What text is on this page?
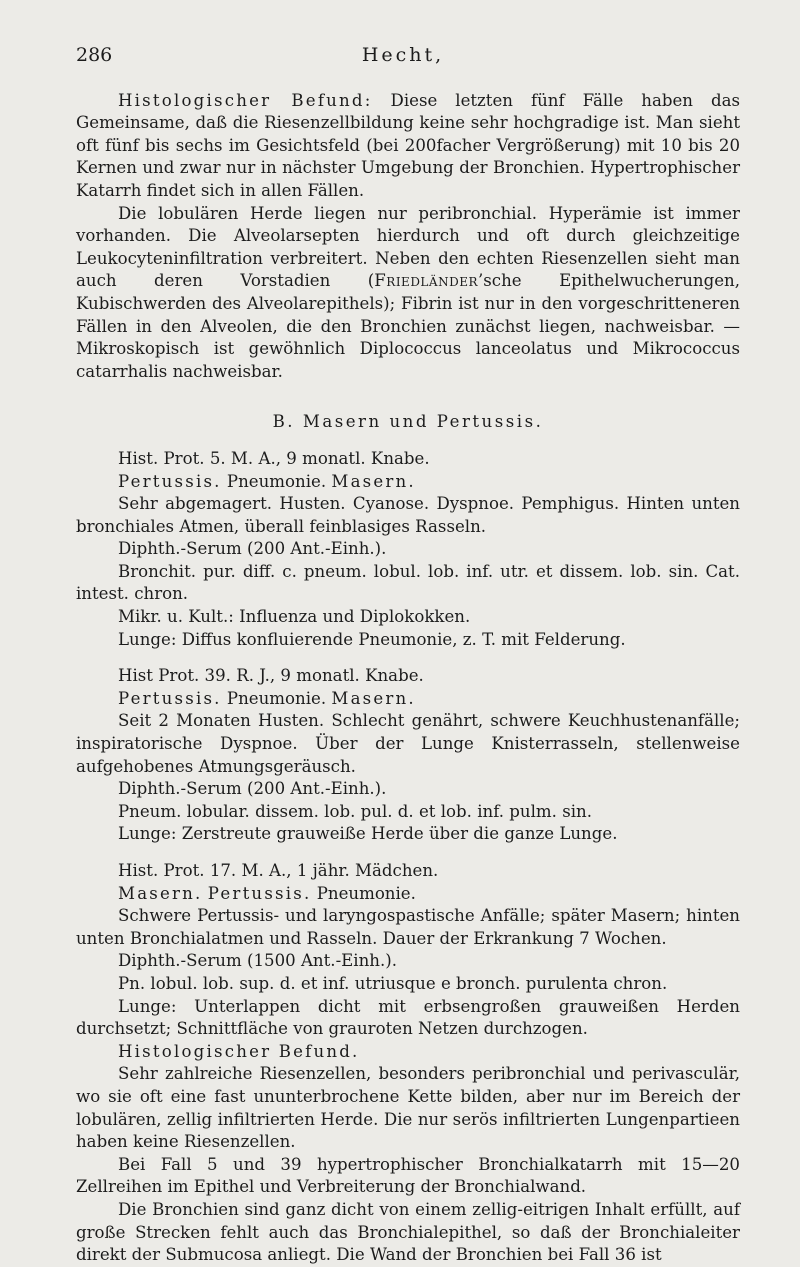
286	Hecht,

Histologischer Befund: Diese letzten fünf Fälle haben das Gemeinsame, daß die Riesenzellbildung keine sehr hochgradige ist. Man sieht oft fünf bis sechs im Gesichtsfeld (bei 200facher Vergrößerung) mit 10 bis 20 Kernen und zwar nur in nächster Umgebung der Bronchien. Hypertrophischer Katarrh findet sich in allen Fällen.

Die lobulären Herde liegen nur peribronchial. Hyperämie ist immer vorhanden. Die Alveolarsepten hierdurch und oft durch gleichzeitige Leukocyteninfiltration verbreitert. Neben den echten Riesenzellen sieht man auch deren Vorstadien (Friedländer’sche Epithelwucherungen, Kubischwerden des Alveolarepithels); Fibrin ist nur in den vorgeschritteneren Fällen in den Alveolen, die den Bronchien zunächst liegen, nachweisbar. — Mikroskopisch ist gewöhnlich Diplococcus lanceolatus und Mikrococcus catarrhalis nachweisbar.

B. Masern und Pertussis.
Hist. Prot. 5. M. A., 9 monatl. Knabe.
Pertussis. Pneumonie. Masern.

Sehr abgemagert. Husten. Cyanose. Dyspnoe. Pemphigus. Hinten unten bronchiales Atmen, überall feinblasiges Rasseln.

Diphth.-Serum (200 Ant.-Einh.).

Bronchit. pur. diff. c. pneum. lobul. lob. inf. utr. et dissem. lob. sin. Cat. intest. chron.

Mikr. u. Kult.: Influenza und Diplokokken.
Lunge: Diffus konfluierende Pneumonie, z. T. mit Felderung.
Hist Prot. 39. R. J., 9 monatl. Knabe.
Pertussis. Pneumonie. Masern.

Seit 2 Monaten Husten. Schlecht genährt, schwere Keuchhustenanfälle; inspiratorische Dyspnoe. Über der Lunge Knisterrasseln, stellenweise aufgehobenes Atmungsgeräusch.

Diphth.-Serum (200 Ant.-Einh.).
Pneum. lobular. dissem. lob. pul. d. et lob. inf. pulm. sin.
Lunge: Zerstreute grauweiße Herde über die ganze Lunge.
Hist. Prot. 17. M. A., 1 jähr. Mädchen.
Masern. Pertussis. Pneumonie.

Schwere Pertussis- und laryngospastische Anfälle; später Masern; hinten unten Bronchialatmen und Rasseln. Dauer der Erkrankung 7 Wochen.

Diphth.-Serum (1500 Ant.-Einh.).
Pn. lobul. lob. sup. d. et inf. utriusque e bronch. purulenta chron.

Lunge: Unterlappen dicht mit erbsengroßen grauweißen Herden durchsetzt; Schnittfläche von grauroten Netzen durchzogen.

Histologischer Befund.

Sehr zahlreiche Riesenzellen, besonders peribronchial und perivasculär, wo sie oft eine fast ununterbrochene Kette bilden, aber nur im Bereich der lobulären, zellig infiltrierten Herde. Die nur serös infiltrierten Lungenpartieen haben keine Riesenzellen.

Bei Fall 5 und 39 hypertrophischer Bronchialkatarrh mit 15—20 Zellreihen im Epithel und Verbreiterung der Bronchialwand.

Die Bronchien sind ganz dicht von einem zellig-eitrigen Inhalt erfüllt, auf große Strecken fehlt auch das Bronchialepithel, so daß der Bronchialeiter direkt der Submucosa anliegt. Die Wand der Bronchien bei Fall 36 ist
